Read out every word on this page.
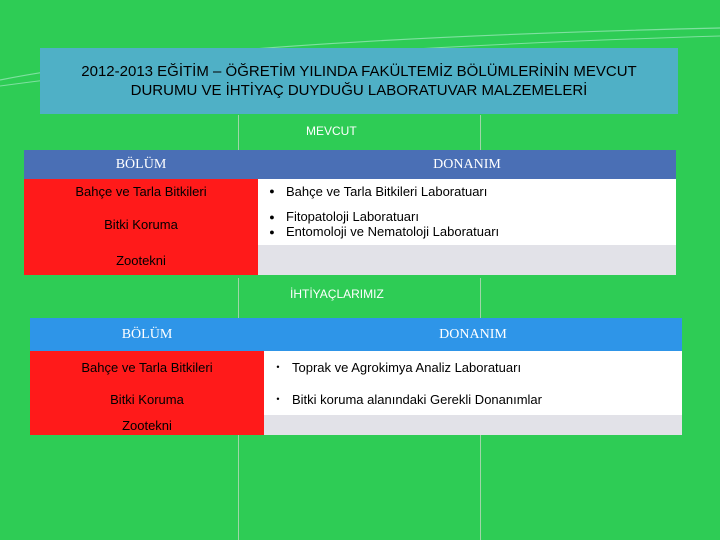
2012-2013 EĞİTİM – ÖĞRETİM YILINDA FAKÜLTEMİZ BÖLÜMLERİNİN MEVCUT
DURUMU VE İHTİYAÇ DUYDUĞU LABORATUVAR MALZEMELERİ
MEVCUT
BÖLÜM	DONANIM
Bahçe ve Tarla Bitkileri	● Bahçe ve Tarla Bitkileri Laboratuarı

Bitki Koruma	● Fitopatoloji Laboratuarı
● Entomoloji ve Nematoloji Laboratuarı

Zootekni	
İHTİYAÇLARIMIZ
BÖLÜM	DONANIM
Bahçe ve Tarla Bitkileri	• Toprak ve Agrokimya Analiz Laboratuarı

Bitki Koruma	• Bitki koruma alanındaki Gerekli Donanımlar

Zootekni	
